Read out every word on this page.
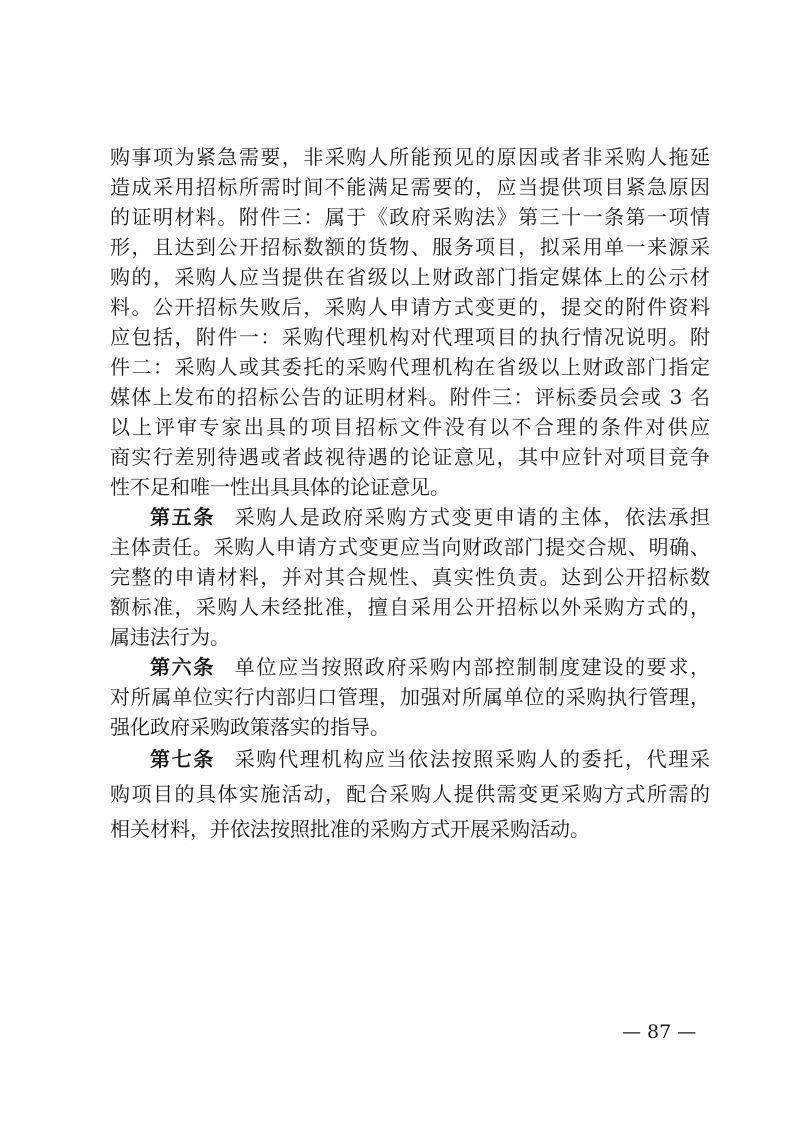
购事项为紧急需要，非采购人所能预见的原因或者非采购人拖延
造成采用招标所需时间不能满足需要的，应当提供项目紧急原因
的证明材料。附件三：属于《政府采购法》第三十一条第一项情
形，且达到公开招标数额的货物、服务项目，拟采用单一来源采
购的，采购人应当提供在省级以上财政部门指定媒体上的公示材
料。公开招标失败后，采购人申请方式变更的，提交的附件资料
应包括，附件一：采购代理机构对代理项目的执行情况说明。附
件二：采购人或其委托的采购代理机构在省级以上财政部门指定
媒体上发布的招标公告的证明材料。附件三：评标委员会或 3 名
以上评审专家出具的项目招标文件没有以不合理的条件对供应
商实行差别待遇或者歧视待遇的论证意见，其中应针对项目竞争
性不足和唯一性出具具体的论证意见。
第五条 采购人是政府采购方式变更申请的主体，依法承担
主体责任。采购人申请方式变更应当向财政部门提交合规、明确、
完整的申请材料，并对其合规性、真实性负责。达到公开招标数
额标准，采购人未经批准，擅自采用公开招标以外采购方式的，
属违法行为。
第六条 单位应当按照政府采购内部控制制度建设的要求，
对所属单位实行内部归口管理，加强对所属单位的采购执行管理，
强化政府采购政策落实的指导。
第七条 采购代理机构应当依法按照采购人的委托，代理采
购项目的具体实施活动，配合采购人提供需变更采购方式所需的
相关材料，并依法按照批准的采购方式开展采购活动。
— 87 —
